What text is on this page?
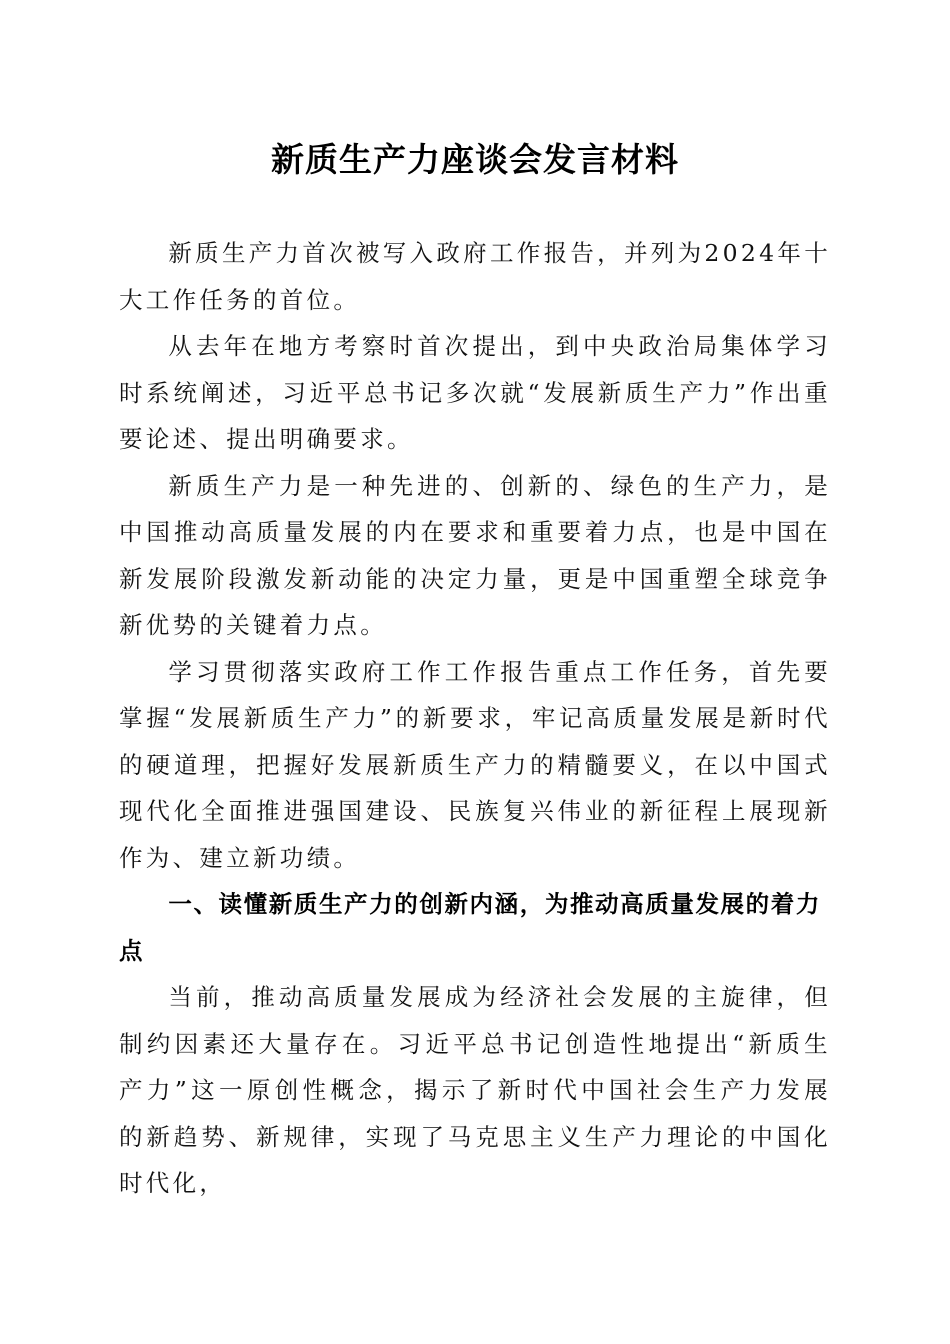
新质生产力座谈会发言材料

新质生产力首次被写入政府工作报告，并列为2024年十大工作任务的首位。

从去年在地方考察时首次提出，到中央政治局集体学习时系统阐述，习近平总书记多次就“发展新质生产力”作出重要论述、提出明确要求。

新质生产力是一种先进的、创新的、绿色的生产力，是中国推动高质量发展的内在要求和重要着力点，也是中国在新发展阶段激发新动能的决定力量，更是中国重塑全球竞争新优势的关键着力点。

学习贯彻落实政府工作工作报告重点工作任务，首先要掌握“发展新质生产力”的新要求，牢记高质量发展是新时代的硬道理，把握好发展新质生产力的精髓要义，在以中国式现代化全面推进强国建设、民族复兴伟业的新征程上展现新作为、建立新功绩。

一、读懂新质生产力的创新内涵，为推动高质量发展的着力点

当前，推动高质量发展成为经济社会发展的主旋律，但制约因素还大量存在。习近平总书记创造性地提出“新质生产力”这一原创性概念，揭示了新时代中国社会生产力发展的新趋势、新规律，实现了马克思主义生产力理论的中国化时代化，
